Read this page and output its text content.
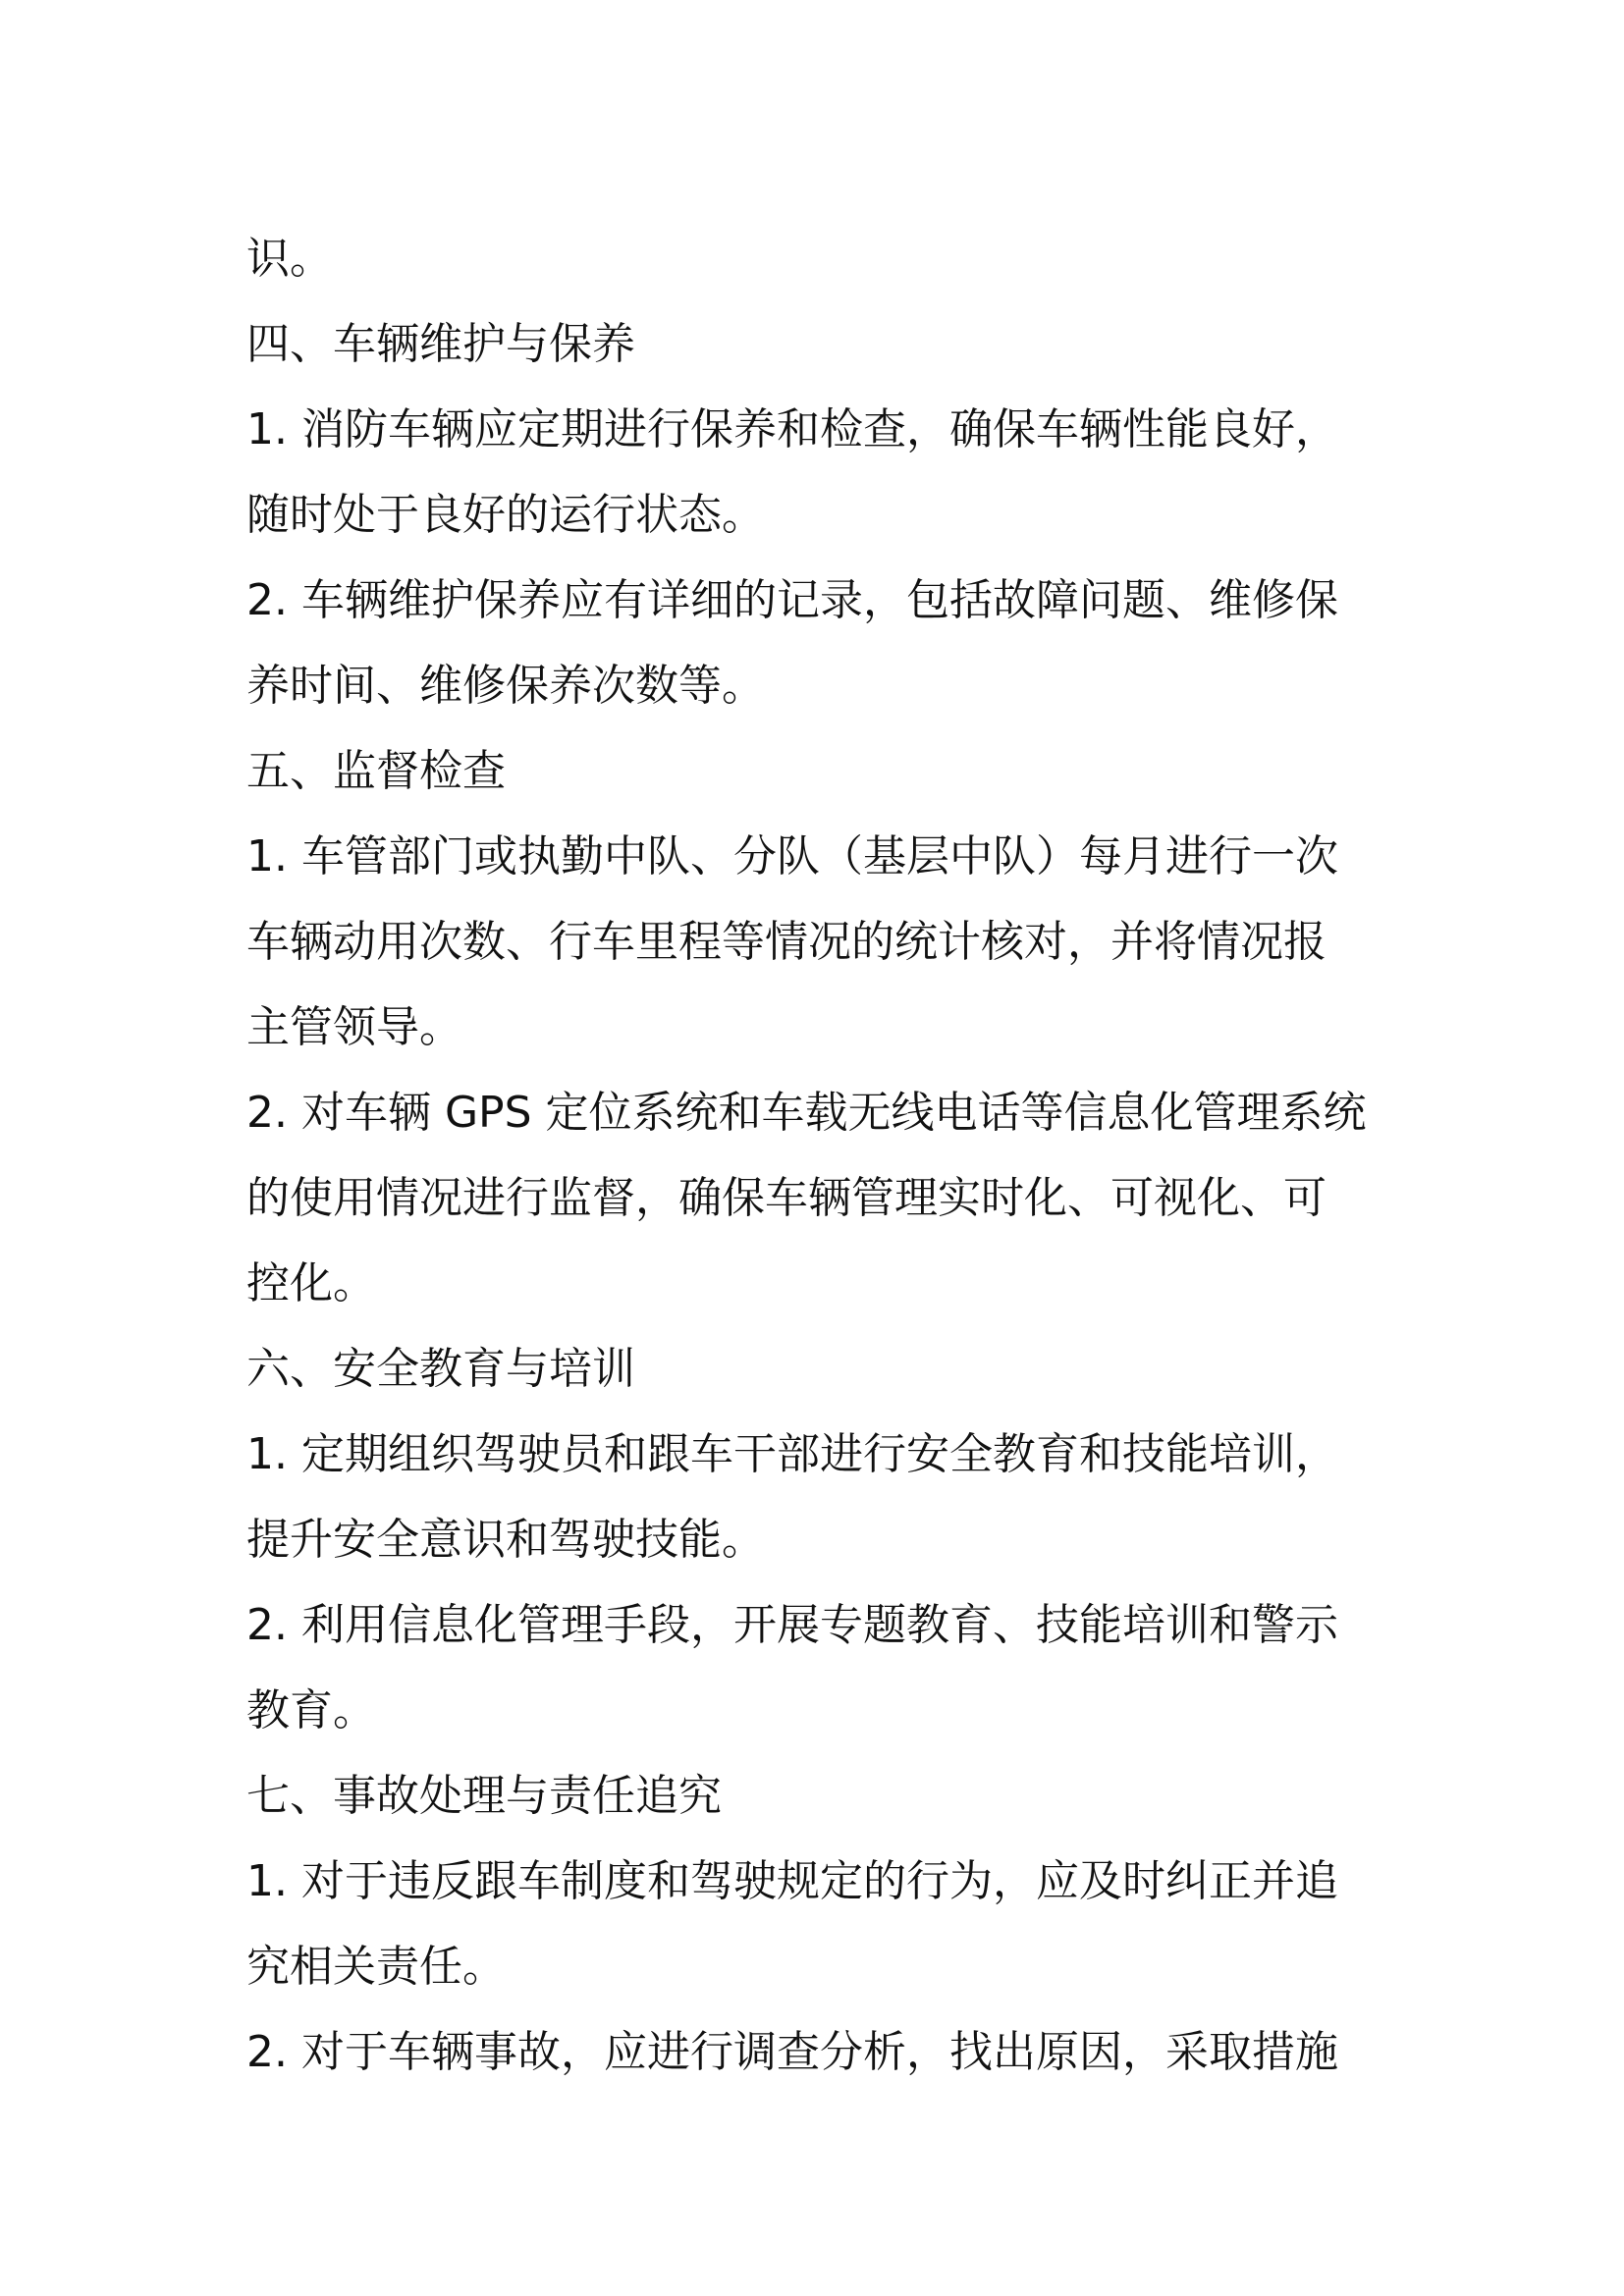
识。
四、车辆维护与保养
1. 消防车辆应定期进行保养和检查，确保车辆性能良好，
随时处于良好的运行状态。
2. 车辆维护保养应有详细的记录，包括故障问题、维修保
养时间、维修保养次数等。
五、监督检查
1. 车管部门或执勤中队、分队（基层中队）每月进行一次
车辆动用次数、行车里程等情况的统计核对，并将情况报
主管领导。
2. 对车辆 GPS 定位系统和车载无线电话等信息化管理系统
的使用情况进行监督，确保车辆管理实时化、可视化、可
控化。
六、安全教育与培训
1. 定期组织驾驶员和跟车干部进行安全教育和技能培训，
提升安全意识和驾驶技能。
2. 利用信息化管理手段，开展专题教育、技能培训和警示
教育。
七、事故处理与责任追究
1. 对于违反跟车制度和驾驶规定的行为，应及时纠正并追
究相关责任。
2. 对于车辆事故，应进行调查分析，找出原因，采取措施
